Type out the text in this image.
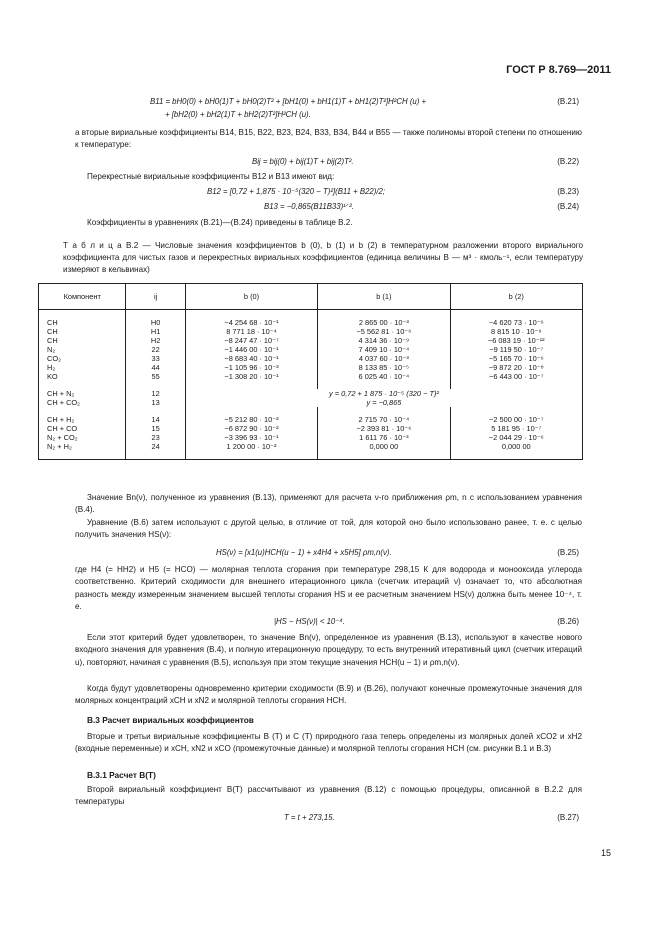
ГОСТ Р 8.769—2011
B11 = bH0(0) + bH0(1)T + bH0(2)T² + [bH1(0) + bH1(1)T + bH1(2)T²]H²CH (u) +
+ [bH2(0) + bH2(1)T + bH2(2)T²]H²CH (u).
(В.21)
а вторые вириальные коэффициенты B14, B15, B22, B23, B24, B33, B34, B44 и B55 — также полиномы второй степени по отношению к температуре:
Bij = bij(0) + bij(1)T + bij(2)T².	(В.22)
Перекрестные вириальные коэффициенты B12 и B13 имеют вид:
B12 = [0,72 + 1,875 · 10⁻⁵(320 − T)²](B11 + B22)/2;	(В.23)
B13 = −0,865(B11B33)¹ᐟ².	(В.24)
Коэффициенты в уравнениях (В.21)—(В.24) приведены в таблице В.2.
Т а б л и ц а В.2 — Числовые значения коэффициентов b (0), b (1) и b (2) в температурном разложении второго вириального коэффициента для чистых газов и перекрестных вириальных коэффициентов (единица величины B — м³ · кмоль⁻¹, если температуру измеряют в кельвинах)
Компонент	ij	b (0)	b (1)	b (2)

CH	H0	−4 254 68 · 10⁻¹	2 865 00 · 10⁻³	−4 620 73 · 10⁻⁶
CH	H1	8 771 18 · 10⁻⁴	−5 562 81 · 10⁻⁶	8 815 10 · 10⁻⁹
CH	H2	−8 247 47 · 10⁻⁷	4 314 36 · 10⁻⁹	−6 083 19 · 10⁻¹²
N₂	22	−1 446 00 · 10⁻¹	7 409 10 · 10⁻⁴	−9 119 50 · 10⁻⁷
CO₂	33	−8 683 40 · 10⁻¹	4 037 60 · 10⁻³	−5 165 70 · 10⁻⁶
H₂	44	−1 105 96 · 10⁻³	8 133 85 · 10⁻⁵	−9 872 20 · 10⁻⁸
KO	55	−1 308 20 · 10⁻¹	6 025 40 · 10⁻⁴	−6 443 00 · 10⁻⁷

CH + N₂	12	y = 0,72 + 1 875 · 10⁻⁵ (320 − T)²		
CH + CO₂	13	y = −0,865		

CH + H₂	14	−5 212 80 · 10⁻²	2 715 70 · 10⁻⁴	−2 500 00 · 10⁻⁷
CH + CO	15	−6 872 90 · 10⁻²	−2 393 81 · 10⁻⁶	5 181 95 · 10⁻⁷
N₂ + CO₂	23	−3 396 93 · 10⁻¹	1 611 76 · 10⁻³	−2 044 29 · 10⁻⁶
N₂ + H₂	24	1 200 00 · 10⁻²	0,000 00	0,000 00

Значение Bn(ν), полученное из уравнения (В.13), применяют для расчета ν-го приближения ρm, n с использованием уравнения (В.4).
Уравнение (В.6) затем используют с другой целью, в отличие от той, для которой оно было использовано ранее, т. е. с целью получить значения HS(ν):
HS(ν) = [x1(u)HCH(u − 1) + x4H4 + x5H5] ρm,n(ν).	(В.25)
где H4 (= HH2) и H5 (= HCO) — молярная теплота сгорания при температуре 298,15 К для водорода и монооксида углерода соответственно. Критерий сходимости для внешнего итерационного цикла (счетчик итераций ν) означает то, что абсолютная разность между измеренным значением высшей теплоты сгорания HS и ее расчетным значением HS(ν) должна быть менее 10⁻⁴, т. е.
|HS − HS(ν)| < 10⁻⁴.	(В.26)
Если этот критерий будет удовлетворен, то значение Bn(ν), определенное из уравнения (В.13), используют в качестве нового входного значения для уравнения (В.4), и полную итерационную процедуру, то есть внутренний итеративный цикл (счетчик итераций u), повторяют, начиная с уравнения (В.5), используя при этом текущие значения HCH(u − 1) и ρm,n(ν).
Когда будут удовлетворены одновременно критерии сходимости (В.9) и (В.26), получают конечные промежуточные значения для молярных концентраций xCH и xN2 и молярной теплоты сгорания HCH.
В.3 Расчет вириальных коэффициентов
Вторые и третьи вириальные коэффициенты B (T) и C (T) природного газа теперь определены из молярных долей xCO2 и xH2 (входные переменные) и xCH, xN2 и xCO (промежуточные данные) и молярной теплоты сгорания HCH (см. рисунки В.1 и В.3)
В.3.1 Расчет B(T)
Второй вириальный коэффициент B(T) рассчитывают из уравнения (В.12) с помощью процедуры, описанной в В.2.2 для температуры
T = t + 273,15.	(В.27)
15
